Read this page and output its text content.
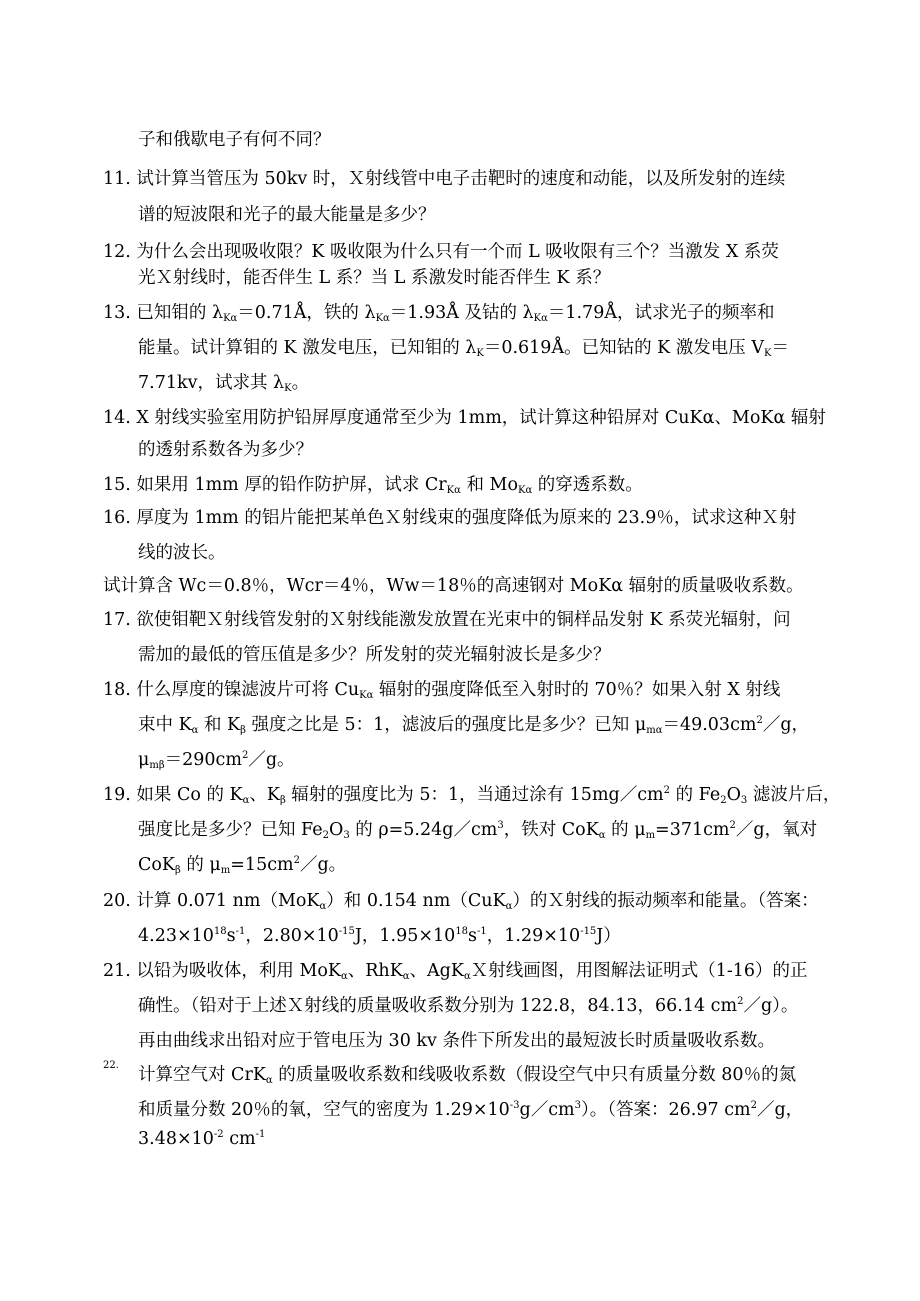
子和俄歇电子有何不同？
11. 试计算当管压为 50kv 时，Ｘ射线管中电子击靶时的速度和动能，以及所发射的连续
谱的短波限和光子的最大能量是多少？
12. 为什么会出现吸收限？K 吸收限为什么只有一个而 L 吸收限有三个？当激发 X 系荧
光Ｘ射线时，能否伴生 L 系？当 L 系激发时能否伴生 K 系？
13. 已知钼的 $\lambda_{K\alpha}=0.71Å$，铁的 $\lambda_{K\alpha}=1.93Å$ 及钴的 $\lambda_{K\alpha}=1.79Å$，试求光子的频率和
能量。试计算钼的 K 激发电压，已知钼的 $\lambda_K=0.619Å$。已知钴的 K 激发电压 $V_K=$
7.71kv，试求其 $\lambda_K$。
14. X 射线实验室用防护铅屏厚度通常至少为 1mm，试计算这种铅屏对 CuKα、MoKα 辐射
的透射系数各为多少？
15. 如果用 1mm 厚的铅作防护屏，试求 $Cr_{K\alpha}$ 和 $Mo_{K\alpha}$ 的穿透系数。
16. 厚度为 1mm 的铝片能把某单色Ｘ射线束的强度降低为原来的 23.9％，试求这种Ｘ射
线的波长。
试计算含 Wc＝0.8％，Wcr＝4％，Ww＝18％的高速钢对 MoKα 辐射的质量吸收系数。
17. 欲使钼靶Ｘ射线管发射的Ｘ射线能激发放置在光束中的铜样品发射 K 系荧光辐射，问
需加的最低的管压值是多少？所发射的荧光辐射波长是多少？
18. 什么厚度的镍滤波片可将 $Cu_{K\alpha}$ 辐射的强度降低至入射时的 70％？如果入射 X 射线
束中 $K_\alpha$ 和 $K_\beta$ 强度之比是 5：1，滤波后的强度比是多少？已知 $\mu_{m\alpha}=49.03cm^2/g$，
$\mu_{m\beta}=290cm^2/g$。
19. 如果 Co 的 $K_\alpha$、$K_\beta$ 辐射的强度比为 5：1，当通过涂有 $15mg/cm^2$ 的 $Fe_2O_3$ 滤波片后，
强度比是多少？已知 $Fe_2O_3$ 的 $\rho=5.24g/cm^3$，铁对 CoK$_\alpha$ 的 $\mu_m=371cm^2/g$，氧对
CoK$_\beta$ 的 $\mu_m=15cm^2/g$。
20. 计算 0.071 nm（MoK$_\alpha$）和 0.154 nm（CuK$_\alpha$）的Ｘ射线的振动频率和能量。（答案：
$4.23\times 10^{18}s^{-1}$，$2.80\times 10^{-15}J$，$1.95\times 10^{18}s^{-1}$，$1.29\times 10^{-15}J$）
21. 以铅为吸收体，利用 MoK$_\alpha$、RhK$_\alpha$、AgK$_\alpha$Ｘ射线画图，用图解法证明式（1-16）的正
确性。（铅对于上述Ｘ射线的质量吸收系数分别为 122.8，84.13，66.14 $cm^2/g$）。
再由曲线求出铅对应于管电压为 30 kv 条件下所发出的最短波长时质量吸收系数。
22. 计算空气对 CrK$_\alpha$ 的质量吸收系数和线吸收系数（假设空气中只有质量分数 80％的氮
和质量分数 20％的氧，空气的密度为 $1.29\times 10^{-3}g/cm^3$）。（答案：26.97 $cm^2/g$，
$3.48\times 10^{-2}$ $cm^{-1}$
